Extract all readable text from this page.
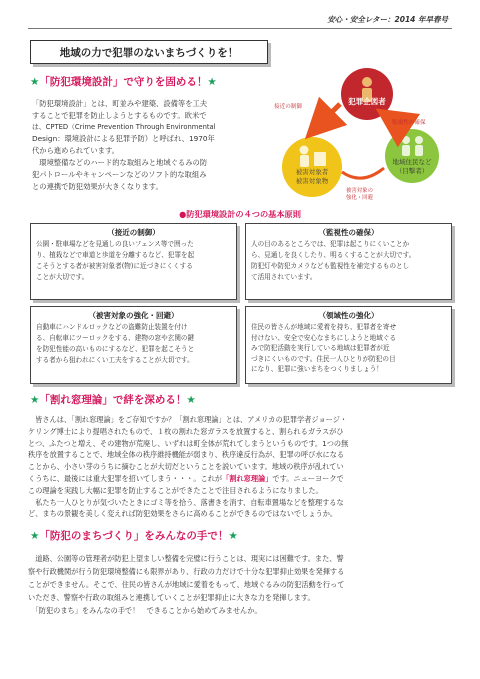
安心・安全レター：2014 年早春号
地域の力で犯罪のないまちづくりを！
★「防犯環境設計」で守りを固める！★
「防犯環境設計」とは、町並みや建築、設備等を工夫
することで犯罪を防止しようとするものです。欧米で
は、CPTED（Crime Prevention Through Environmental
Design：環境設計による犯罪予防）と呼ばれ、1970年
代から進められています。
　環境整備などのハード的な取組みと地域ぐるみの防
犯パトロールやキャンペーンなどのソフト的な取組み
との連携で防犯効果が大きくなります。
犯罪企図者
被害対象者
被害対象物
地域住民など
（目撃者）
接近の制御
監視性の確保
被害対象の
強化・回避
●防犯環境設計の４つの基本原則
（接近の制御）
公園・駐車場などを見通しの良いフェンス等で囲った
り、植栽などで車道と歩道を分離するなど、犯罪を起
こそうとする者が被害対象者(物)に近づきにくくする
ことが大切です。
（監視性の確保）
人の目のあるところでは、犯罪は起こりにくいことか
ら、見通しを良くしたり、明るくすることが大切です。
防犯灯や防犯カメラなども監視性を補完するものとし
て活用されています。
（被害対象の強化・回避）
自動車にハンドルロックなどの盗難防止装置を付け
る、自転車にツーロックをする、建物の窓や玄関の鍵
を防犯性能の高いものにするなど、犯罪を起こそうと
する者から狙われにくい工夫をすることが大切です。
（領域性の強化）
住民の皆さんが地域に愛着を持ち、犯罪者を寄せ
付けない、安全で安心なまちにしようと地域ぐる
みで防犯活動を実行している地域は犯罪者が近
づきにくいものです。住民一人ひとりが防犯の目
になり、犯罪に強いまちをつくりましょう！
★「割れ窓理論」で絆を深める！★
　皆さんは、「割れ窓理論」をご存知ですか？「割れ窓理論」とは、アメリカの犯罪学者ジョージ・
ケリング博士により提唱されたもので、１枚の割れた窓ガラスを放置すると、割られるガラスがひ
とつ、ふたつと増え、その建物が荒廃し、いずれは町全体が荒れてしまうというものです。1つの無
秩序を放置することで、地域全体の秩序維持機能が弱まり、秩序違反行為が、犯罪の呼び水になる
ことから、小さい芽のうちに摘むことが大切だということを説いています。地域の秩序が乱れてい
くうちに、最後には重大犯罪を招いてしまう・・・。これが「割れ窓理論」です。ニューヨークで
この理論を実践し大幅に犯罪を防止することができたことで注目されるようになりました。
　私たち一人ひとりが気づいたときにゴミ等を拾う、落書きを消す、自転車置場などを整理するな
ど、まちの景観を美しく変えれば防犯効果をさらに高めることができるのではないでしょうか。
★「防犯のまちづくり」をみんなの手で！★
　道路、公園等の管理者が防犯上望ましい整備を完璧に行うことは、現実には困難です。また、警
察や行政機関が行う防犯環境整備にも限界があり、行政の力だけで十分な犯罪抑止効果を発揮する
ことができません。そこで、住民の皆さんが地域に愛着をもって、地域ぐるみの防犯活動を行って
いただき、警察や行政の取組みと連携していくことが犯罪抑止に大きな力を発揮します。
　「防犯のまち」をみんなの手で！　できることから始めてみませんか。
